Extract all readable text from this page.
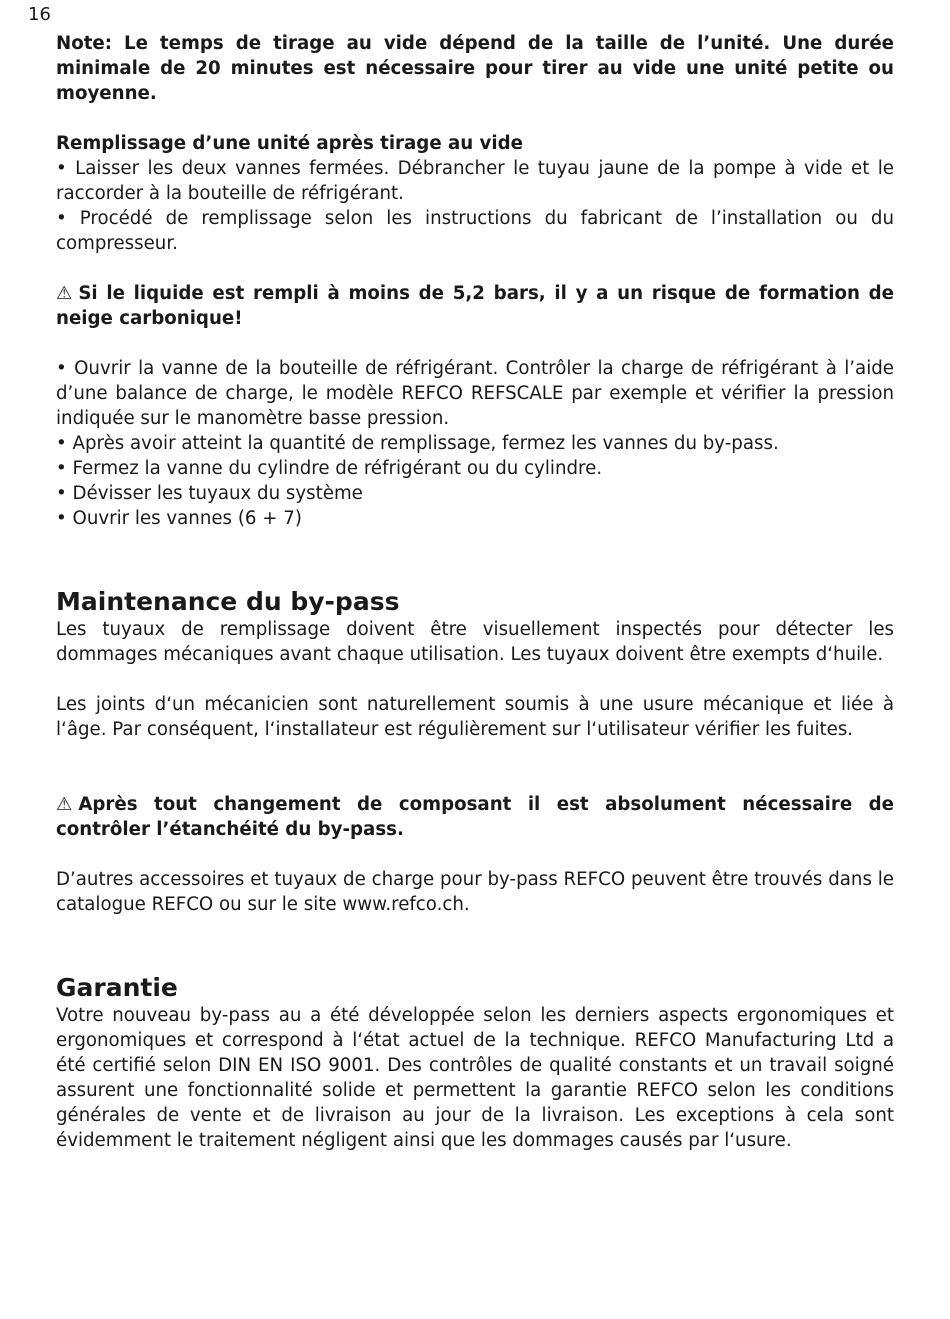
16

Note: Le temps de tirage au vide dépend de la taille de l’unité. Une durée minimale de 20 minutes est nécessaire pour tirer au vide une unité petite ou moyenne.

Remplissage d’une unité après tirage au vide

• Laisser les deux vannes fermées. Débrancher le tuyau jaune de la pompe à vide et le raccorder à la bouteille de réfrigérant.

• Procédé de remplissage selon les instructions du fabricant de l’installation ou du compresseur.

⚠ Si le liquide est rempli à moins de 5,2 bars, il y a un risque de formation de neige carbonique!

• Ouvrir la vanne de la bouteille de réfrigérant. Contrôler la charge de réfrigérant à l’aide d’une balance de charge, le modèle REFCO REFSCALE par exemple et vérifier la pression indiquée sur le manomètre basse pression.

• Après avoir atteint la quantité de remplissage, fermez les vannes du by-pass.

• Fermez la vanne du cylindre de réfrigérant ou du cylindre.

• Dévisser les tuyaux du système

• Ouvrir les vannes (6 + 7)

Maintenance du by-pass

Les tuyaux de remplissage doivent être visuellement inspectés pour détecter les dommages mécaniques avant chaque utilisation. Les tuyaux doivent être exempts d‘huile.

Les joints d‘un mécanicien sont naturellement soumis à une usure mécanique et liée à l‘âge. Par conséquent, l‘installateur est régulièrement sur l‘utilisateur vérifier les fuites.

⚠ Après tout changement de composant il est absolument nécessaire de contrôler l’étanchéité du by-pass.

D’autres accessoires et tuyaux de charge pour by-pass REFCO peuvent être trouvés dans le catalogue REFCO ou sur le site www.refco.ch.

Garantie

Votre nouveau by-pass au a été développée selon les derniers aspects ergonomiques et ergonomiques et correspond à l‘état actuel de la technique. REFCO Manufacturing Ltd a été certifié selon DIN EN ISO 9001. Des contrôles de qualité constants et un travail soigné assurent une fonctionnalité solide et permettent la garantie REFCO selon les conditions générales de vente et de livraison au jour de la livraison. Les exceptions à cela sont évidemment le traitement négligent ainsi que les dommages causés par l‘usure.
